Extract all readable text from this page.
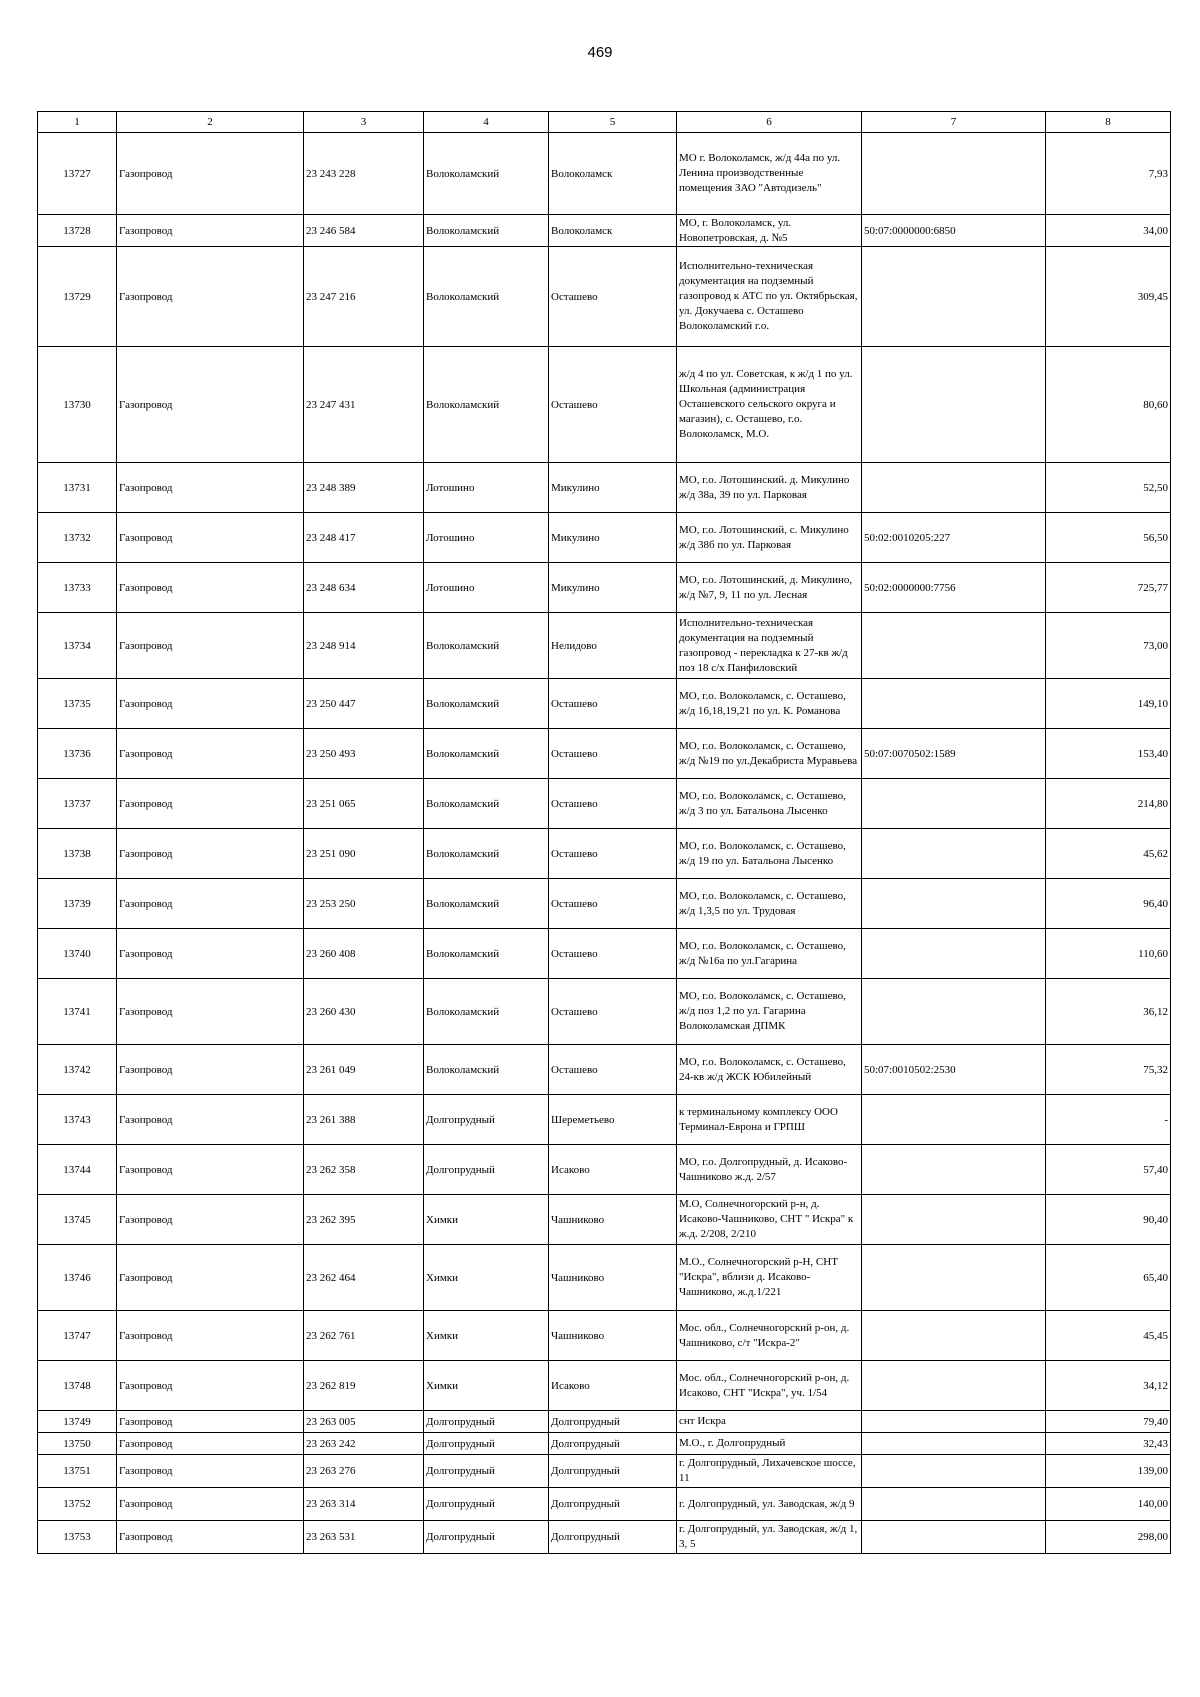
469
1	2	3	4	5	6	7	8
13727	Газопровод	23 243 228	Волоколамский	Волоколамск	МО г. Волоколамск, ж/д 44а по ул. Ленина производственные помещения ЗАО "Автодизель"		7,93
13728	Газопровод	23 246 584	Волоколамский	Волоколамск	МО, г. Волоколамск, ул. Новопетровская, д. №5	50:07:0000000:6850	34,00
13729	Газопровод	23 247 216	Волоколамский	Осташево	Исполнительно-техническая документация на подземный газопровод к АТС по ул. Октябрьская, ул. Докучаева с. Осташево Волоколамский г.о.		309,45
13730	Газопровод	23 247 431	Волоколамский	Осташево	ж/д 4 по ул. Советская, к ж/д 1 по ул. Школьная (администрация Осташевского сельского округа и магазин), с. Осташево, г.о. Волоколамск, М.О.		80,60
13731	Газопровод	23 248 389	Лотошино	Микулино	МО, г.о. Лотошинский. д. Микулино ж/д 38а, 39 по ул. Парковая		52,50
13732	Газопровод	23 248 417	Лотошино	Микулино	МО, г.о. Лотошинский, с. Микулино ж/д 38б по ул. Парковая	50:02:0010205:227	56,50
13733	Газопровод	23 248 634	Лотошино	Микулино	МО, г.о. Лотошинский, д. Микулино, ж/д №7, 9, 11 по ул. Лесная	50:02:0000000:7756	725,77
13734	Газопровод	23 248 914	Волоколамский	Нелидово	Исполнительно-техническая документация на подземный газопровод - перекладка к 27-кв ж/д поз 18 с/х Панфиловский		73,00
13735	Газопровод	23 250 447	Волоколамский	Осташево	МО, г.о. Волоколамск, с. Осташево, ж/д 16,18,19,21 по ул. К. Романова		149,10
13736	Газопровод	23 250 493	Волоколамский	Осташево	МО, г.о. Волоколамск, с. Осташево, ж/д №19 по ул.Декабриста Муравьева	50:07:0070502:1589	153,40
13737	Газопровод	23 251 065	Волоколамский	Осташево	МО, г.о. Волоколамск, с. Осташево, ж/д 3 по ул. Батальона Лысенко		214,80
13738	Газопровод	23 251 090	Волоколамский	Осташево	МО, г.о. Волоколамск, с. Осташево, ж/д 19 по ул. Батальона Лысенко		45,62
13739	Газопровод	23 253 250	Волоколамский	Осташево	МО, г.о. Волоколамск, с. Осташево, ж/д 1,3,5 по ул. Трудовая		96,40
13740	Газопровод	23 260 408	Волоколамский	Осташево	МО, г.о. Волоколамск, с. Осташево, ж/д №16а по ул.Гагарина		110,60
13741	Газопровод	23 260 430	Волоколамский	Осташево	МО, г.о. Волоколамск, с. Осташево, ж/д поз 1,2 по ул. Гагарина Волоколамская ДПМК		36,12
13742	Газопровод	23 261 049	Волоколамский	Осташево	МО, г.о. Волоколамск, с. Осташево, 24-кв ж/д ЖСК Юбилейный	50:07:0010502:2530	75,32
13743	Газопровод	23 261 388	Долгопрудный	Шереметьево	к терминальному комплексу ООО Терминал-Еврона и ГРПШ		-
13744	Газопровод	23 262 358	Долгопрудный	Исаково	МО, г.о. Долгопрудный, д. Исаково-Чашниково ж.д. 2/57		57,40
13745	Газопровод	23 262 395	Химки	Чашниково	М.О, Солнечногорский р-н, д. Исаково-Чашниково, СНТ " Искра" к ж.д. 2/208, 2/210		90,40
13746	Газопровод	23 262 464	Химки	Чашниково	М.О., Солнечногорский р-Н, СНТ "Искра", вблизи д. Исаково-Чашниково, ж.д.1/221		65,40
13747	Газопровод	23 262 761	Химки	Чашниково	Мос. обл., Солнечногорский р-он, д. Чашниково, с/т "Искра-2"		45,45
13748	Газопровод	23 262 819	Химки	Исаково	Мос. обл., Солнечногорский р-он, д. Исаково, СНТ "Искра", уч. 1/54		34,12
13749	Газопровод	23 263 005	Долгопрудный	Долгопрудный	снт Искра		79,40
13750	Газопровод	23 263 242	Долгопрудный	Долгопрудный	М.О., г. Долгопрудный		32,43
13751	Газопровод	23 263 276	Долгопрудный	Долгопрудный	г. Долгопрудный, Лихачевское шоссе, 11		139,00
13752	Газопровод	23 263 314	Долгопрудный	Долгопрудный	г. Долгопрудный, ул. Заводская, ж/д 9		140,00
13753	Газопровод	23 263 531	Долгопрудный	Долгопрудный	г. Долгопрудный, ул. Заводская, ж/д 1, 3, 5		298,00
